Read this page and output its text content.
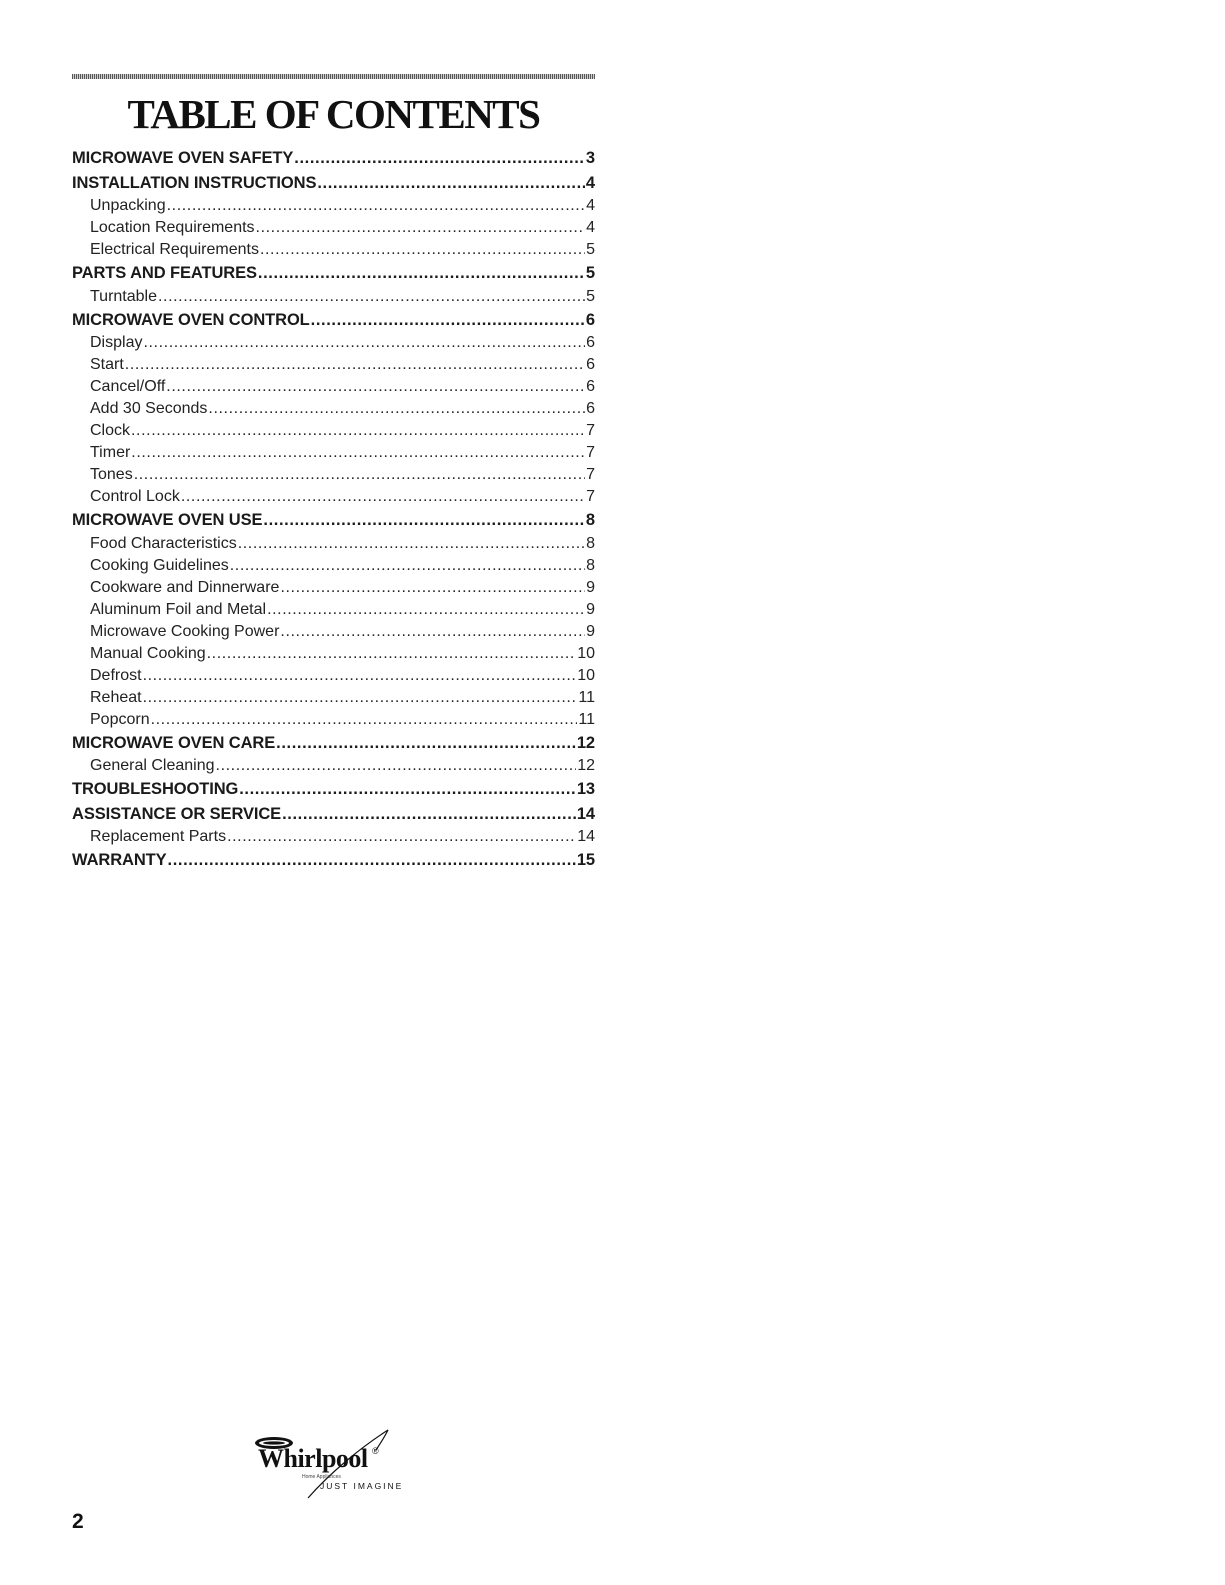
TABLE OF CONTENTS
MICROWAVE OVEN SAFETY .....	3
INSTALLATION INSTRUCTIONS .....	4
Unpacking .....	4
Location Requirements .....	4
Electrical Requirements .....	5
PARTS AND FEATURES .....	5
Turntable .....	5
MICROWAVE OVEN CONTROL .....	6
Display .....	6
Start .....	6
Cancel/Off .....	6
Add 30 Seconds .....	6
Clock .....	7
Timer .....	7
Tones .....	7
Control Lock .....	7
MICROWAVE OVEN USE .....	8
Food Characteristics .....	8
Cooking Guidelines .....	8
Cookware and Dinnerware .....	9
Aluminum Foil and Metal .....	9
Microwave Cooking Power .....	9
Manual Cooking .....	10
Defrost .....	10
Reheat .....	11
Popcorn .....	11
MICROWAVE OVEN CARE .....	12
General Cleaning .....	12
TROUBLESHOOTING .....	13
ASSISTANCE OR SERVICE .....	14
Replacement Parts .....	14
WARRANTY .....	15
Whirlpool ®
Home Appliances
JUST IMAGINE
2
